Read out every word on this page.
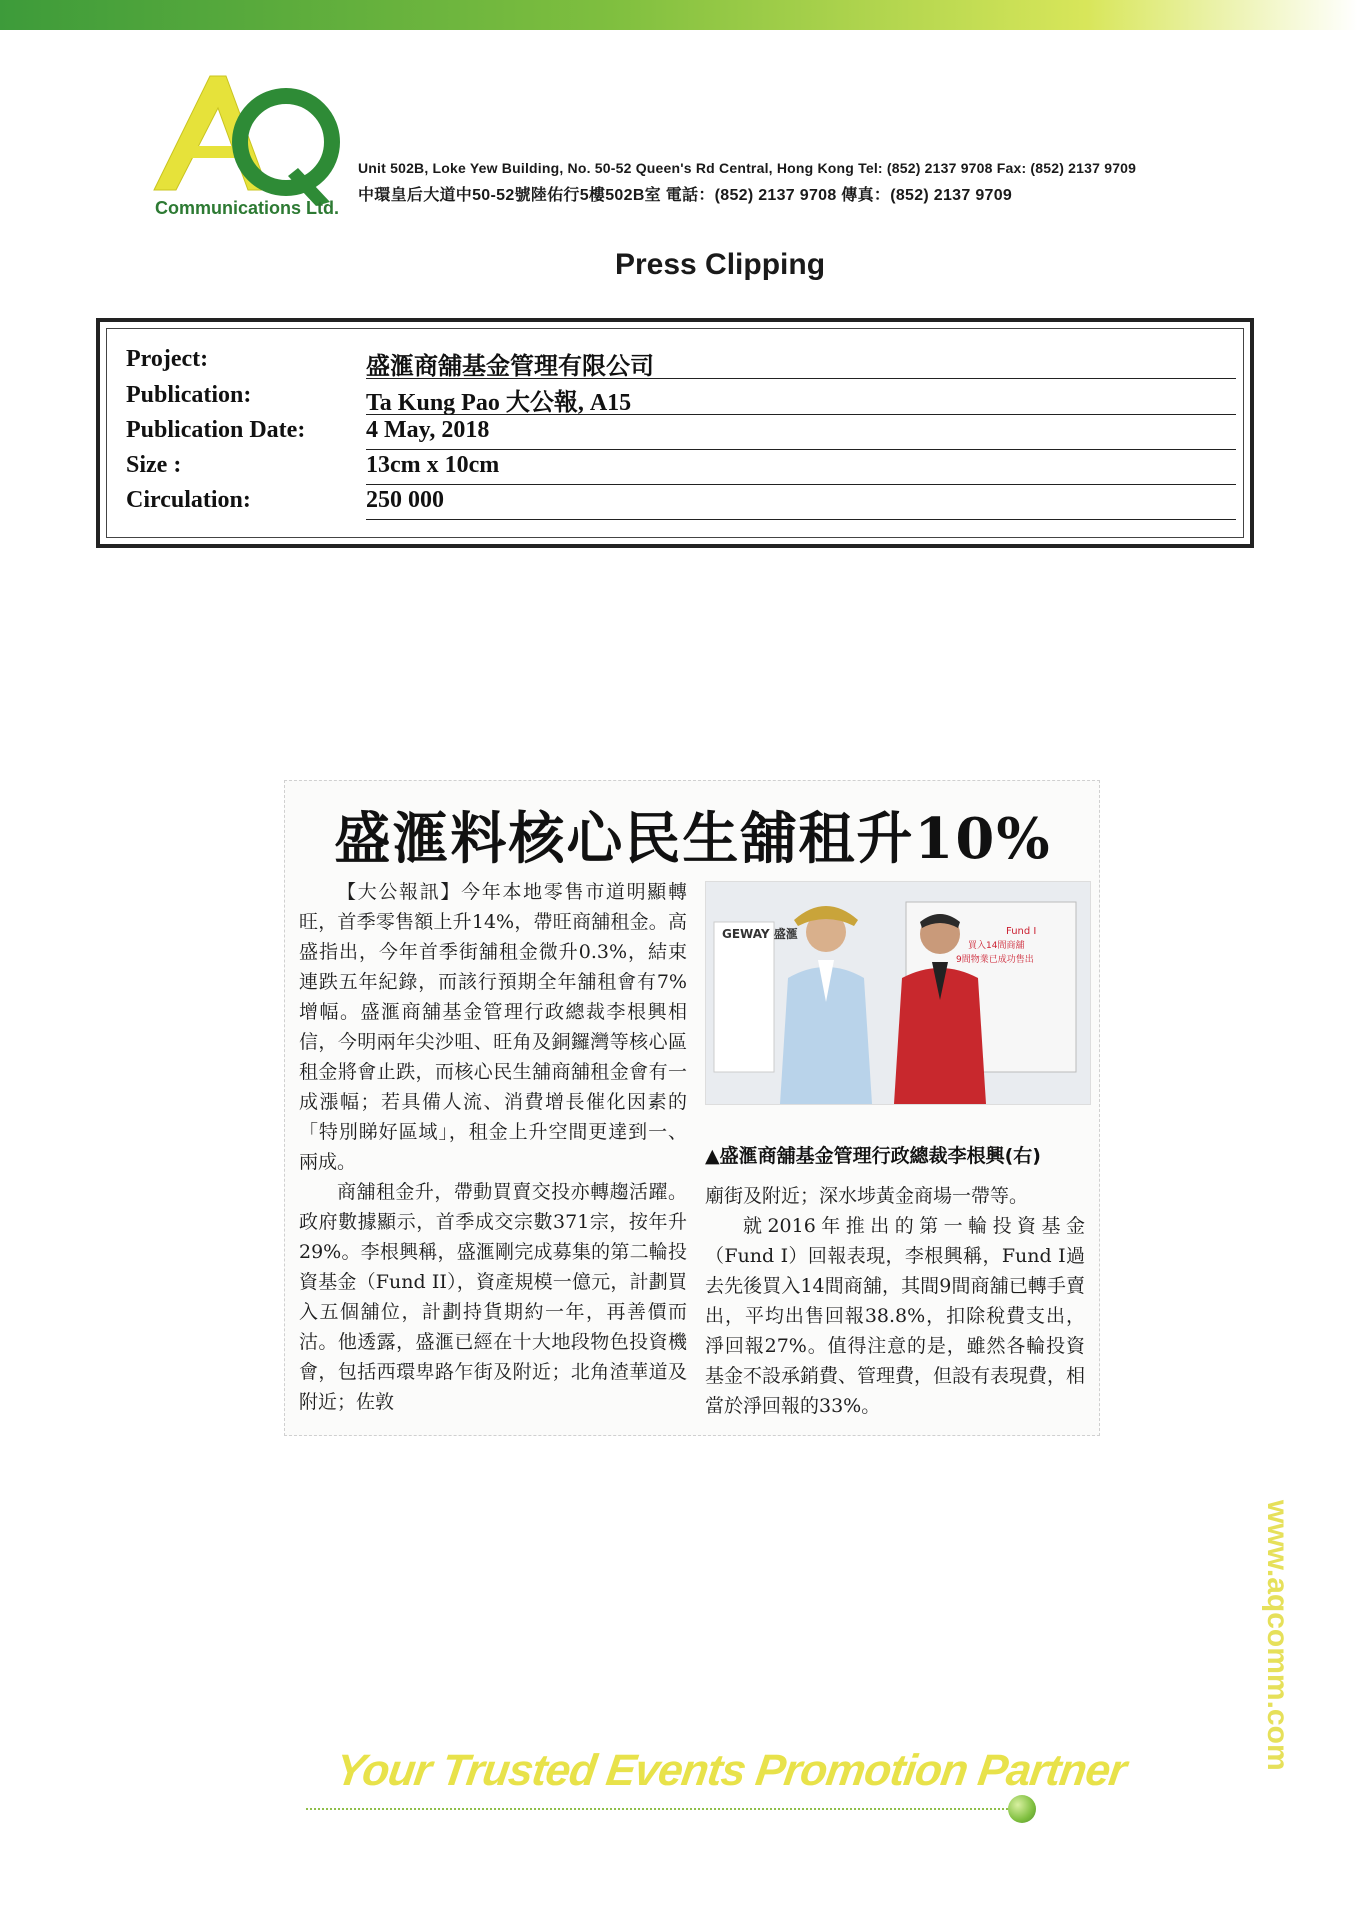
Communications Ltd.
Unit 502B, Loke Yew Building, No. 50-52 Queen's Rd Central, Hong Kong Tel: (852) 2137 9708 Fax: (852) 2137 9709
中環皇后大道中50-52號陸佑行5樓502B室 電話：(852) 2137 9708 傳真：(852) 2137 9709
Press Clipping
Project:	盛滙商舖基金管理有限公司
Publication:	Ta Kung Pao 大公報, A15
Publication Date:	4 May, 2018
Size :	13cm x 10cm
Circulation:	250 000
盛滙料核心民生舖租升10%

【大公報訊】今年本地零售市道明顯轉旺，首季零售額上升14%，帶旺商舖租金。高盛指出，今年首季街舖租金微升0.3%，結束連跌五年紀錄，而該行預期全年舖租會有7%增幅。盛滙商舖基金管理行政總裁李根興相信，今明兩年尖沙咀、旺角及銅鑼灣等核心區租金將會止跌，而核心民生舖商舖租金會有一成漲幅；若具備人流、消費增長催化因素的「特別睇好區域」，租金上升空間更達到一、兩成。

商舖租金升，帶動買賣交投亦轉趨活躍。政府數據顯示，首季成交宗數371宗，按年升29%。李根興稱，盛滙剛完成募集的第二輪投資基金（Fund II），資產規模一億元，計劃買入五個舖位，計劃持貨期約一年，再善價而沽。他透露，盛滙已經在十大地段物色投資機會，包括西環卑路乍街及附近；北角渣華道及附近；佐敦

GEWAY 盛滙	Fund I
買入14間商舖
9間物業已成功售出
▲盛滙商舖基金管理行政總裁李根興(右)

廟街及附近；深水埗黃金商場一帶等。

就2016年推出的第一輪投資基金（Fund I）回報表現，李根興稱，Fund I過去先後買入14間商舖，其間9間商舖已轉手賣出，平均出售回報38.8%，扣除稅費支出，淨回報27%。值得注意的是，雖然各輪投資基金不設承銷費、管理費，但設有表現費，相當於淨回報的33%。

Your Trusted Events Promotion Partner	www.aqcomm.com
